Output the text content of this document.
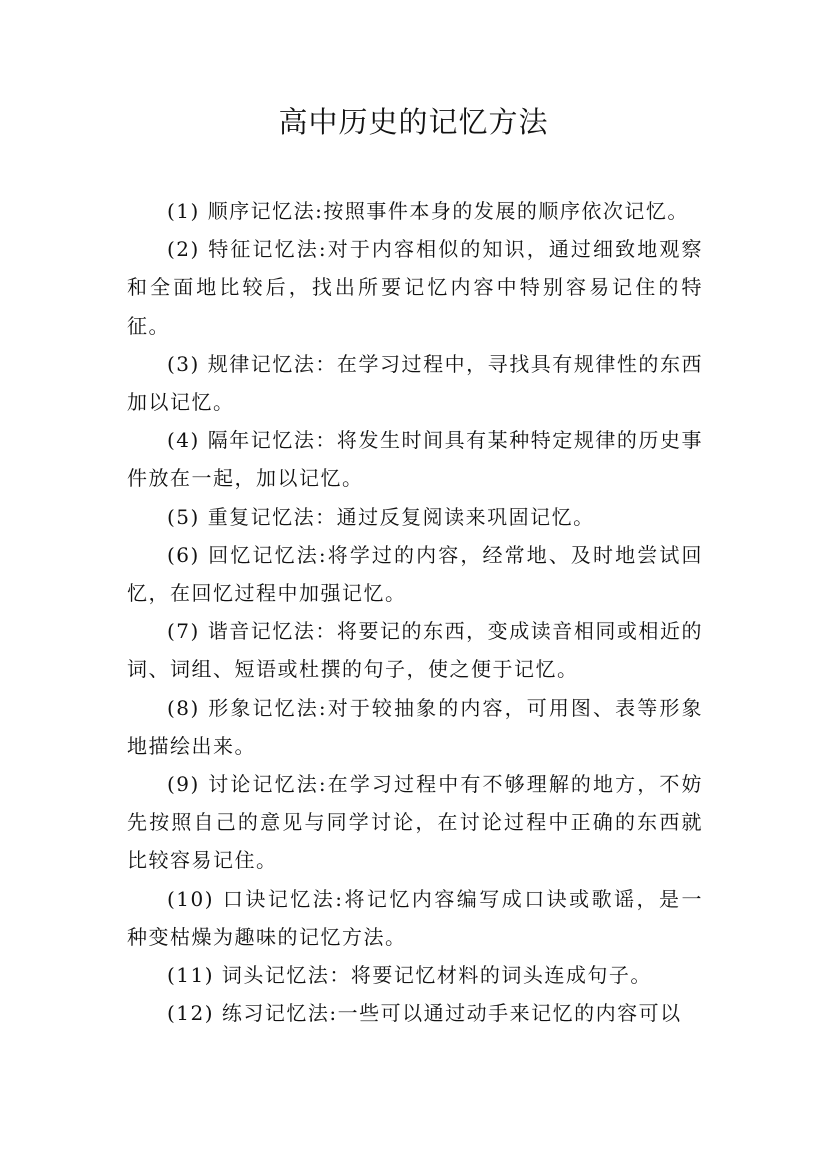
高中历史的记忆方法

(1) 顺序记忆法:按照事件本身的发展的顺序依次记忆。

(2) 特征记忆法:对于内容相似的知识，通过细致地观察和全面地比较后，找出所要记忆内容中特别容易记住的特征。

(3) 规律记忆法：在学习过程中，寻找具有规律性的东西加以记忆。

(4) 隔年记忆法：将发生时间具有某种特定规律的历史事件放在一起，加以记忆。

(5) 重复记忆法：通过反复阅读来巩固记忆。

(6) 回忆记忆法:将学过的内容，经常地、及时地尝试回忆，在回忆过程中加强记忆。

(7) 谐音记忆法：将要记的东西，变成读音相同或相近的词、词组、短语或杜撰的句子，使之便于记忆。

(8) 形象记忆法:对于较抽象的内容，可用图、表等形象地描绘出来。

(9) 讨论记忆法:在学习过程中有不够理解的地方，不妨先按照自己的意见与同学讨论，在讨论过程中正确的东西就比较容易记住。

(10) 口诀记忆法:将记忆内容编写成口诀或歌谣，是一种变枯燥为趣味的记忆方法。

(11) 词头记忆法：将要记忆材料的词头连成句子。

(12) 练习记忆法:一些可以通过动手来记忆的内容可以
